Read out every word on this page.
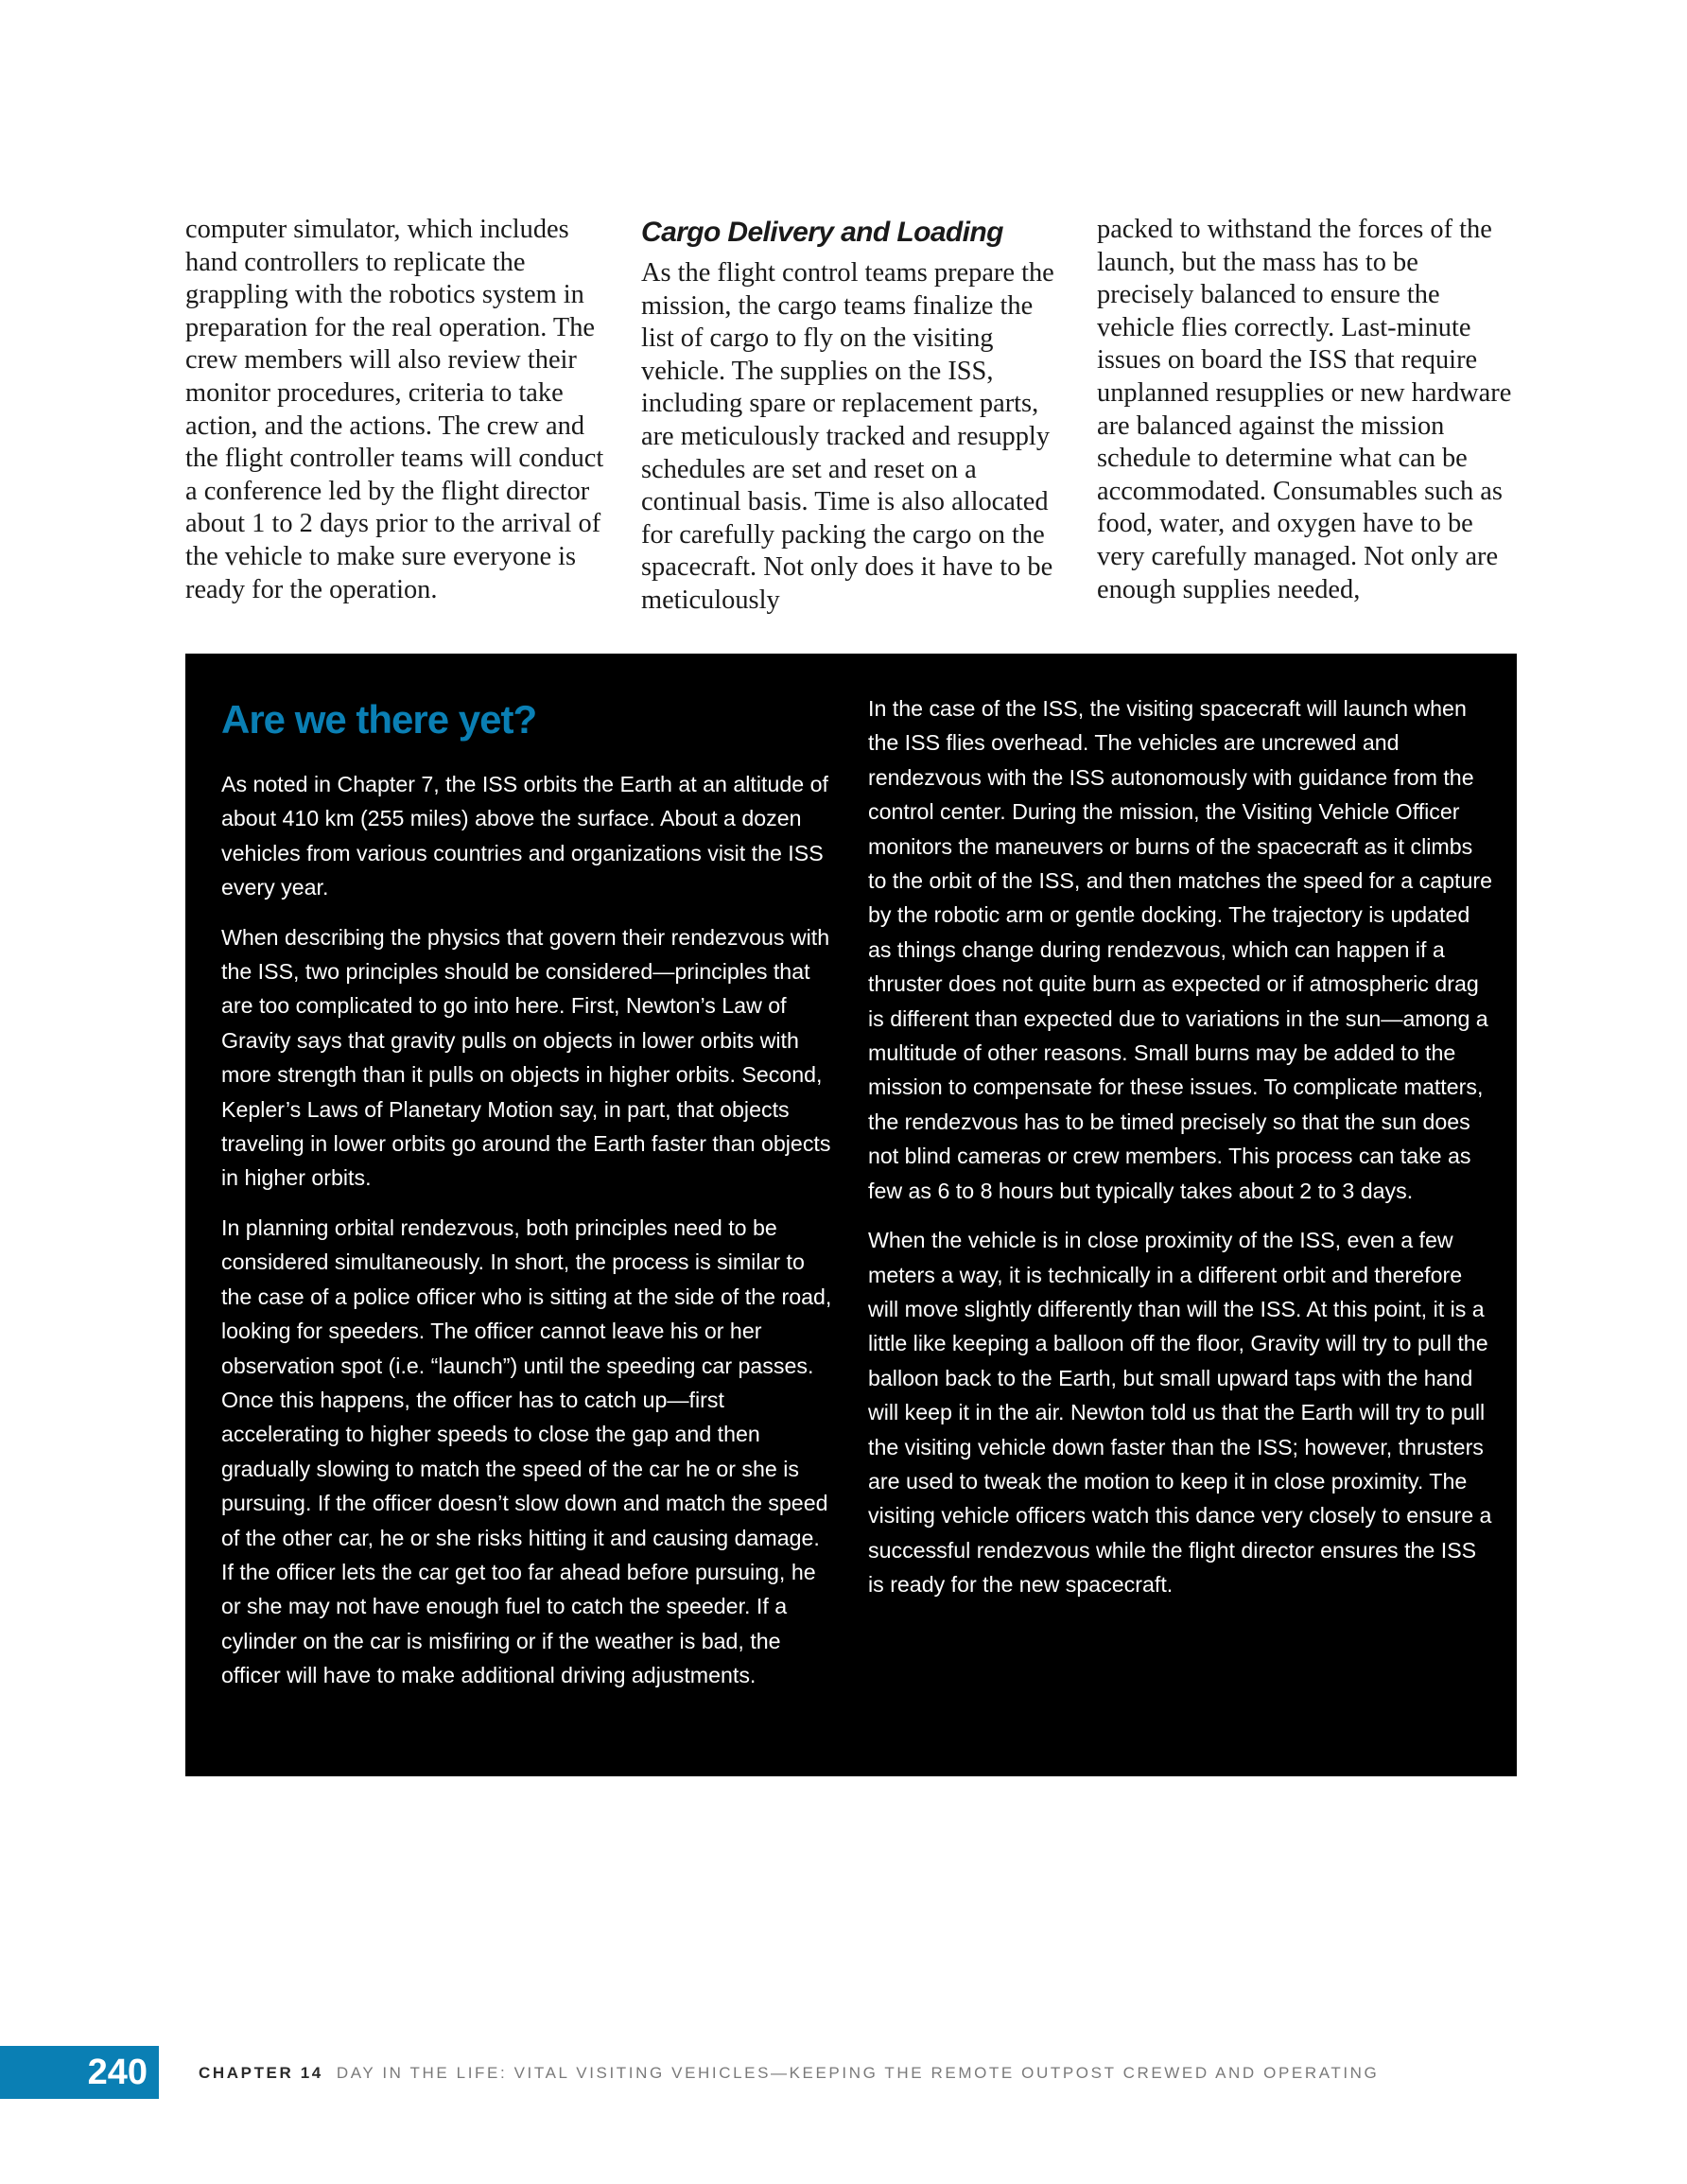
computer simulator, which includes hand controllers to replicate the grappling with the robotics system in preparation for the real operation. The crew members will also review their monitor procedures, criteria to take action, and the actions. The crew and the flight controller teams will conduct a conference led by the flight director about 1 to 2 days prior to the arrival of the vehicle to make sure everyone is ready for the operation.

Cargo Delivery and Loading

As the flight control teams prepare the mission, the cargo teams finalize the list of cargo to fly on the visiting vehicle. The supplies on the ISS, including spare or replacement parts, are meticulously tracked and resupply schedules are set and reset on a continual basis. Time is also allocated for carefully packing the cargo on the spacecraft. Not only does it have to be meticulously

packed to withstand the forces of the launch, but the mass has to be precisely balanced to ensure the vehicle flies correctly. Last-minute issues on board the ISS that require unplanned resupplies or new hardware are balanced against the mission schedule to determine what can be accommodated. Consumables such as food, water, and oxygen have to be very carefully managed. Not only are enough supplies needed,

Are we there yet?

As noted in Chapter 7, the ISS orbits the Earth at an altitude of about 410 km (255 miles) above the surface. About a dozen vehicles from various countries and organizations visit the ISS every year.

When describing the physics that govern their rendezvous with the ISS, two principles should be considered—principles that are too complicated to go into here. First, Newton’s Law of Gravity says that gravity pulls on objects in lower orbits with more strength than it pulls on objects in higher orbits. Second, Kepler’s Laws of Planetary Motion say, in part, that objects traveling in lower orbits go around the Earth faster than objects in higher orbits.

In planning orbital rendezvous, both principles need to be considered simultaneously. In short, the process is similar to the case of a police officer who is sitting at the side of the road, looking for speeders. The officer cannot leave his or her observation spot (i.e. “launch”) until the speeding car passes. Once this happens, the officer has to catch up—first accelerating to higher speeds to close the gap and then gradually slowing to match the speed of the car he or she is pursuing. If the officer doesn’t slow down and match the speed of the other car, he or she risks hitting it and causing damage. If the officer lets the car get too far ahead before pursuing, he or she may not have enough fuel to catch the speeder. If a cylinder on the car is misfiring or if the weather is bad, the officer will have to make additional driving adjustments.

In the case of the ISS, the visiting spacecraft will launch when the ISS flies overhead. The vehicles are uncrewed and rendezvous with the ISS autonomously with guidance from the control center. During the mission, the Visiting Vehicle Officer monitors the maneuvers or burns of the spacecraft as it climbs to the orbit of the ISS, and then matches the speed for a capture by the robotic arm or gentle docking. The trajectory is updated as things change during rendezvous, which can happen if a thruster does not quite burn as expected or if atmospheric drag is different than expected due to variations in the sun—among a multitude of other reasons. Small burns may be added to the mission to compensate for these issues. To complicate matters, the rendezvous has to be timed precisely so that the sun does not blind cameras or crew members. This process can take as few as 6 to 8 hours but typically takes about 2 to 3 days.

When the vehicle is in close proximity of the ISS, even a few meters a way, it is technically in a different orbit and therefore will move slightly differently than will the ISS. At this point, it is a little like keeping a balloon off the floor, Gravity will try to pull the balloon back to the Earth, but small upward taps with the hand will keep it in the air. Newton told us that the Earth will try to pull the visiting vehicle down faster than the ISS; however, thrusters are used to tweak the motion to keep it in close proximity. The visiting vehicle officers watch this dance very closely to ensure a successful rendezvous while the flight director ensures the ISS is ready for the new spacecraft.

240	CHAPTER 14 DAY IN THE LIFE: VITAL VISITING VEHICLES—KEEPING THE REMOTE OUTPOST CREWED AND OPERATING
